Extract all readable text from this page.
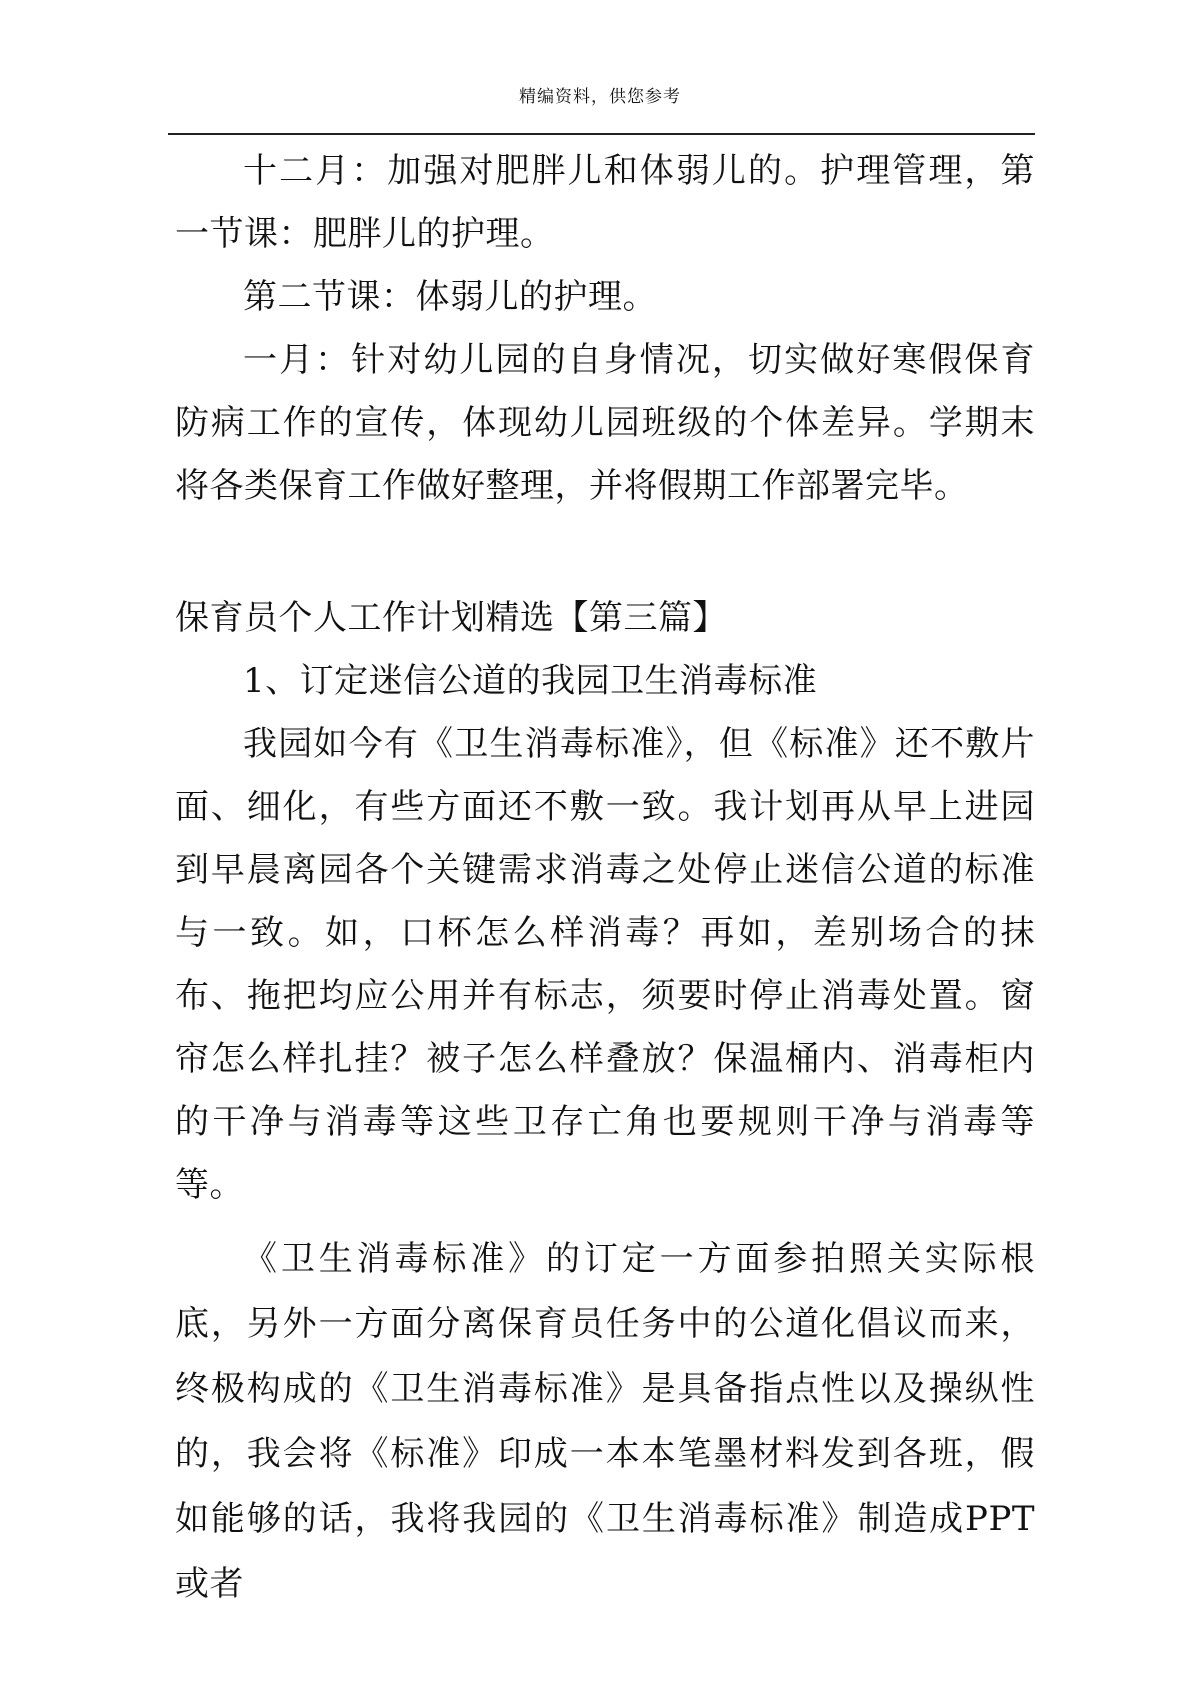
精编资料，供您参考

十二月：加强对肥胖儿和体弱儿的。护理管理，第一节课：肥胖儿的护理。

第二节课：体弱儿的护理。

一月：针对幼儿园的自身情况，切实做好寒假保育防病工作的宣传，体现幼儿园班级的个体差异。学期末将各类保育工作做好整理，并将假期工作部署完毕。

保育员个人工作计划精选【第三篇】

1、订定迷信公道的我园卫生消毒标准

我园如今有《卫生消毒标准》，但《标准》还不敷片面、细化，有些方面还不敷一致。我计划再从早上进园到早晨离园各个关键需求消毒之处停止迷信公道的标准与一致。如，口杯怎么样消毒？再如，差别场合的抹布、拖把均应公用并有标志，须要时停止消毒处置。窗帘怎么样扎挂？被子怎么样叠放？保温桶内、消毒柜内的干净与消毒等这些卫存亡角也要规则干净与消毒等等。

《卫生消毒标准》的订定一方面参拍照关实际根底，另外一方面分离保育员任务中的公道化倡议而来，终极构成的《卫生消毒标准》是具备指点性以及操纵性的，我会将《标准》印成一本本笔墨材料发到各班，假如能够的话，我将我园的《卫生消毒标准》制造成PPT或者
